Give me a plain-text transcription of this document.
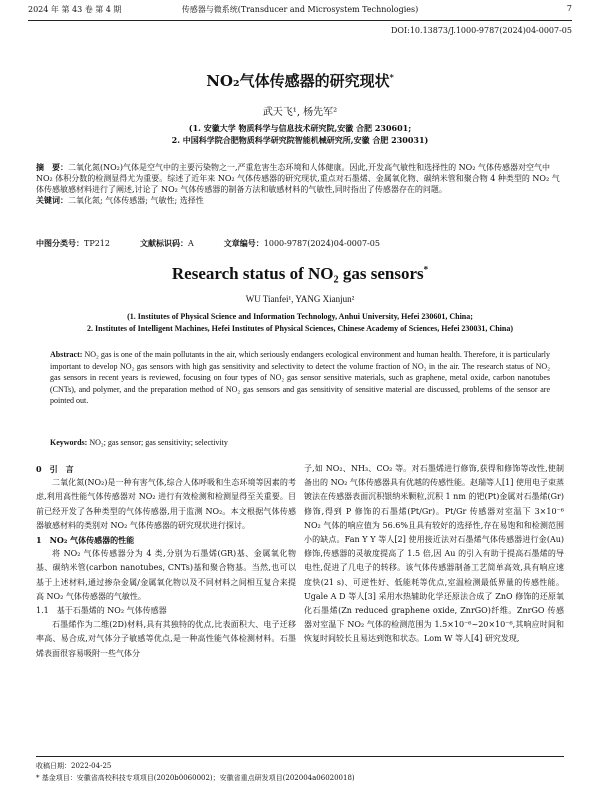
2024 年 第 43 卷 第 4 期	传感器与微系统(Transducer and Microsystem Technologies)	7
DOI:10.13873/J.1000-9787(2024)04-0007-05
NO₂气体传感器的研究现状*
武天飞¹, 杨先军²
(1. 安徽大学 物质科学与信息技术研究院,安徽 合肥 230601;
2. 中国科学院合肥物质科学研究院智能机械研究所,安徽 合肥 230031)
摘　要：二氧化氮(NO₂)气体是空气中的主要污染物之一,严重危害生态环境和人体健康。因此,开发高气敏性和选择性的 NO₂ 气体传感器对空气中 NO₂ 体积分数的检测显得尤为重要。综述了近年来 NO₂ 气体传感器的研究现状,重点对石墨烯、金属氧化物、碳纳米管和聚合物 4 种类型的 NO₂ 气体传感敏感材料进行了阐述,讨论了 NO₂ 气体传感器的制备方法和敏感材料的气敏性,同时指出了传感器存在的问题。
关键词：二氧化氮; 气体传感器; 气敏性; 选择性
中图分类号：TP212	文献标识码：A	文章编号：1000-9787(2024)04-0007-05
Research status of NO₂ gas sensors*
WU Tianfei¹, YANG Xianjun²
(1. Institutes of Physical Science and Information Technology, Anhui University, Hefei 230601, China;
2. Institutes of Intelligent Machines, Hefei Institutes of Physical Sciences, Chinese Academy of Sciences, Hefei 230031, China)
Abstract: NO₂ gas is one of the main pollutants in the air, which seriously endangers ecological environment and human health. Therefore, it is particularly important to develop NO₂ gas sensors with high gas sensitivity and selectivity to detect the volume fraction of NO₂ in the air. The research status of NO₂ gas sensors in recent years is reviewed, focusing on four types of NO₂ gas sensor sensitive materials, such as graphene, metal oxide, carbon nanotubes (CNTs), and polymer, and the preparation method of NO₂ gas sensors and gas sensitivity of sensitive material are discussed, problems of the sensor are pointed out.
Keywords: NO₂; gas sensor; gas sensitivity; selectivity
0　引　言

二氧化氮(NO₂)是一种有害气体,综合人体呼吸和生态环境等因素的考虑,利用高性能气体传感器对 NO₂ 进行有效检测和检测显得至关重要。目前已经开发了各种类型的气体传感器,用于监测 NO₂。本文根据气体传感器敏感材料的类别对 NO₂ 气体传感器的研究现状进行探讨。

1　NO₂ 气体传感器的性能

将 NO₂ 气体传感器分为 4 类,分别为石墨烯(GR)基、金属氧化物基、碳纳米管(carbon nanotubes, CNTs)基和聚合物基。当然,也可以基于上述材料,通过掺杂金属/金属氧化物以及不同材料之间相互复合来提高 NO₂ 气体传感器的气敏性。

1.1　基于石墨烯的 NO₂ 气体传感器

石墨烯作为二维(2D)材料,具有其独特的优点,比表面积大、电子迁移率高、易合成,对气体分子敏感等优点,是一种高性能气体检测材料。石墨烯表面很容易吸附一些气体分

子,如 NO₂、NH₃、CO₂ 等。对石墨烯进行修饰,获得和修饰等改性,使制备出的 NO₂ 气体传感器具有优越的传感性能。赵瑞等人[1] 使用电子束蒸镀法在传感器表面沉积银纳米颗粒,沉积 1 nm 的钯(Pt)金属对石墨烯(Gr)修饰,得到 P 修饰的石墨烯(Pt/Gr)。Pt/Gr 传感器对室温下 3×10⁻⁶ NO₂ 气体的响应值为 56.6%且具有较好的选择性,存在易饱和和检测范围小的缺点。Fan Y Y 等人[2] 使用接近法对石墨烯气体传感器进行金(Au)修饰,传感器的灵敏度提高了 1.5 倍,因 Au 的引入有助于提高石墨烯的导电性,促进了几电子的转移。该气体传感器制备工艺简单高效,具有响应速度快(21 s)、可逆性好、低能耗等优点,室温检测最低界量的传感性能。Ugale A D 等人[3] 采用水热辅助化学还原法合成了 ZnO 修饰的还原氧化石墨烯(Zn reduced graphene oxide, ZnrGO)纤维。ZnrGO 传感器对室温下 NO₂ 气体的检测范围为 1.5×10⁻⁶~20×10⁻⁶,其响应时间和恢复时间较长且易达到饱和状态。Lom W 等人[4] 研究发现,

收稿日期：2022-04-25
* 基金项目：安徽省高校科技专项项目(2020b0060002)；安徽省重点研发项目(202004a06020018)
